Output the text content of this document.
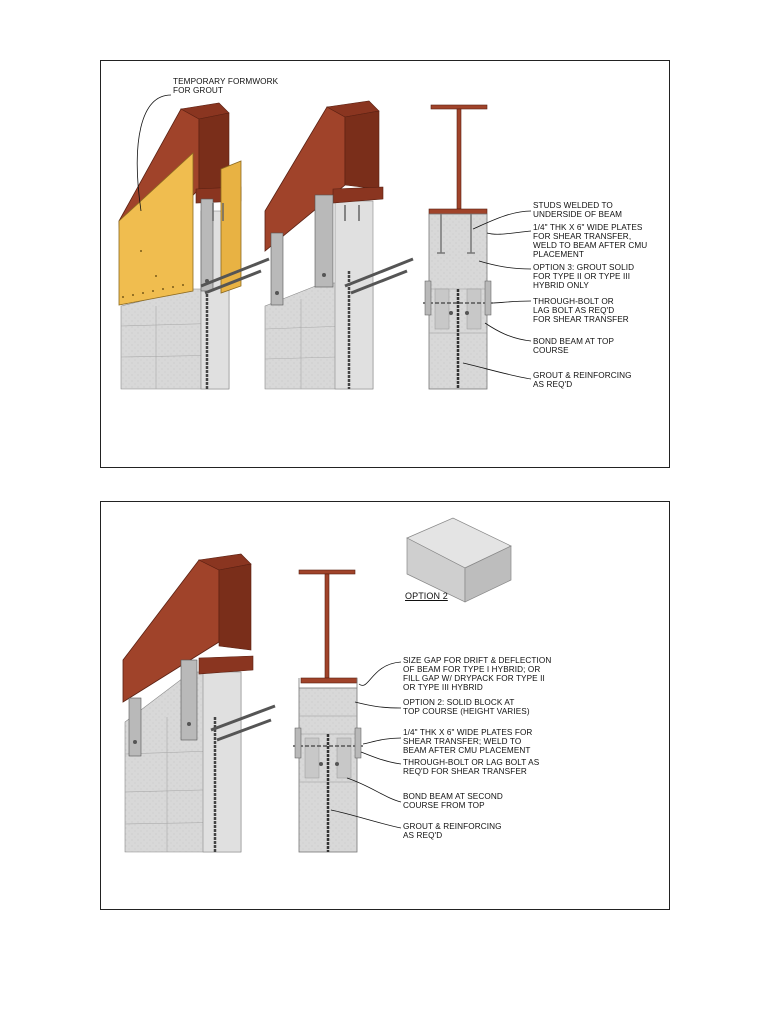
TEMPORARY FORMWORK
FOR GROUT
STUDS WELDED TO
UNDERSIDE OF BEAM
1/4" THK X 6" WIDE PLATES
FOR SHEAR TRANSFER,
WELD TO BEAM AFTER CMU
PLACEMENT
OPTION 3: GROUT SOLID
FOR TYPE II OR TYPE III
HYBRID ONLY
THROUGH-BOLT OR
LAG BOLT AS REQ'D
FOR SHEAR TRANSFER
BOND BEAM AT TOP
COURSE
GROUT & REINFORCING
AS REQ'D
OPTION 2
SIZE GAP FOR DRIFT & DEFLECTION
OF BEAM FOR TYPE I HYBRID; OR
FILL GAP W/ DRYPACK FOR TYPE II
OR TYPE III HYBRID
OPTION 2: SOLID BLOCK AT
TOP COURSE (HEIGHT VARIES)
1/4" THK X 6" WIDE PLATES FOR
SHEAR TRANSFER; WELD TO
BEAM AFTER CMU PLACEMENT
THROUGH-BOLT OR LAG BOLT AS
REQ'D FOR SHEAR TRANSFER
BOND BEAM AT SECOND
COURSE FROM TOP
GROUT & REINFORCING
AS REQ'D
